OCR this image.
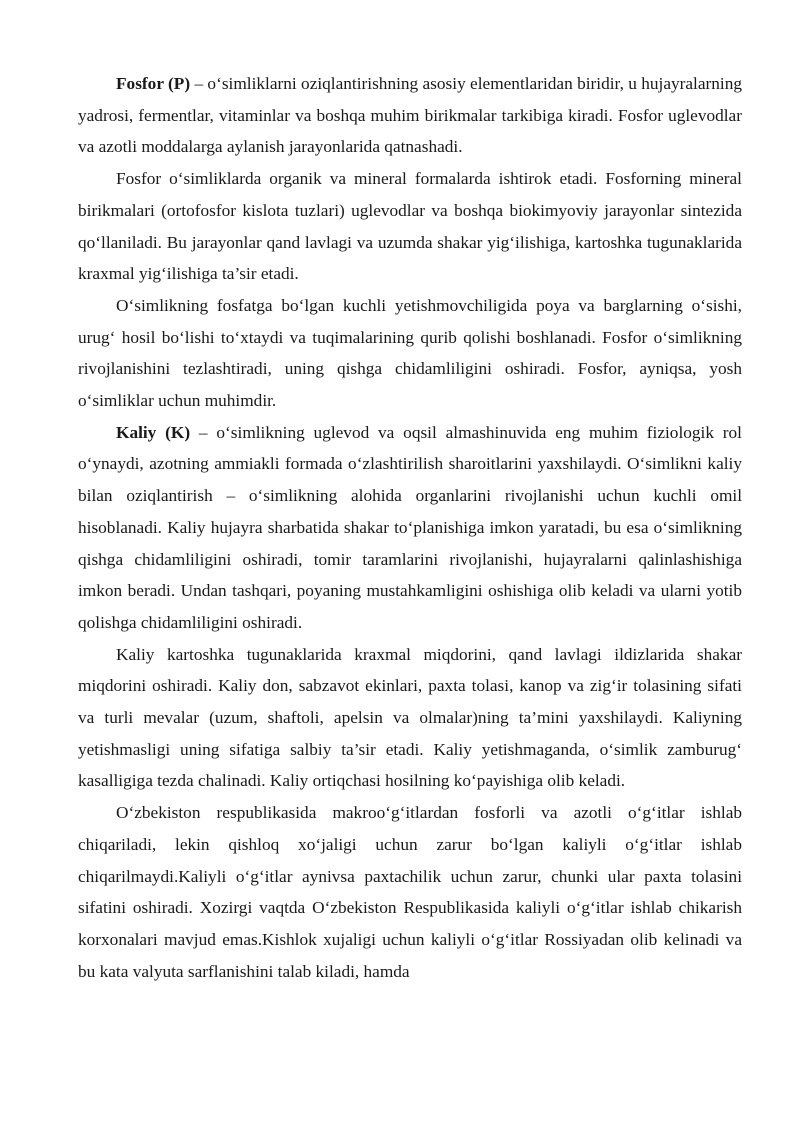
Fosfor (P) – o‘simliklarni oziqlantirishning asosiy elementlaridan biridir, u hujayralarning yadrosi, fermentlar, vitaminlar va boshqa muhim birikmalar tarkibiga kiradi. Fosfor uglevodlar va azotli moddalarga aylanish jarayonlarida qatnashadi.

Fosfor o‘simliklarda organik va mineral formalarda ishtirok etadi. Fosforning mineral birikmalari (ortofosfor kislota tuzlari) uglevodlar va boshqa biokimyoviy jarayonlar sintezida qo‘llaniladi. Bu jarayonlar qand lavlagi va uzumda shakar yig‘ilishiga, kartoshka tugunaklarida kraxmal yig‘ilishiga ta’sir etadi.

O‘simlikning fosfatga bo‘lgan kuchli yetishmovchiligida poya va barglarning o‘sishi, urug‘ hosil bo‘lishi to‘xtaydi va tuqimalarining qurib qolishi boshlanadi. Fosfor o‘simlikning rivojlanishini tezlashtiradi, uning qishga chidamliligini oshiradi. Fosfor, ayniqsa, yosh o‘simliklar uchun muhimdir.

Kaliy (K) – o‘simlikning uglevod va oqsil almashinuvida eng muhim fiziologik rol o‘ynaydi, azotning ammiakli formada o‘zlashtirilish sharoitlarini yaxshilaydi. O‘simlikni kaliy bilan oziqlantirish – o‘simlikning alohida organlarini rivojlanishi uchun kuchli omil hisoblanadi. Kaliy hujayra sharbatida shakar to‘planishiga imkon yaratadi, bu esa o‘simlikning qishga chidamliligini oshiradi, tomir taramlarini rivojlanishi, hujayralarni qalinlashishiga imkon beradi. Undan tashqari, poyaning mustahkamligini oshishiga olib keladi va ularni yotib qolishga chidamliligini oshiradi.

Kaliy kartoshka tugunaklarida kraxmal miqdorini, qand lavlagi ildizlarida shakar miqdorini oshiradi. Kaliy don, sabzavot ekinlari, paxta tolasi, kanop va zig‘ir tolasining sifati va turli mevalar (uzum, shaftoli, apelsin va olmalar)ning ta’mini yaxshilaydi. Kaliyning yetishmasligi uning sifatiga salbiy ta’sir etadi. Kaliy yetishmaganda, o‘simlik zamburug‘ kasalligiga tezda chalinadi. Kaliy ortiqchasi hosilning ko‘payishiga olib keladi.

O‘zbekiston respublikasida makroo‘g‘itlardan fosforli va azotli o‘g‘itlar ishlab chiqariladi, lekin qishloq xo‘jaligi uchun zarur bo‘lgan kaliyli o‘g‘itlar ishlab chiqarilmaydi.Kaliyli o‘g‘itlar aynivsa paxtachilik uchun zarur, chunki ular paxta tolasini sifatini oshiradi. Xozirgi vaqtda O‘zbekiston Respublikasida kaliyli o‘g‘itlar ishlab chikarish korxonalari mavjud emas.Kishlok xujaligi uchun kaliyli o‘g‘itlar Rossiyadan olib kelinadi va bu kata valyuta sarflanishini talab kiladi, hamda
